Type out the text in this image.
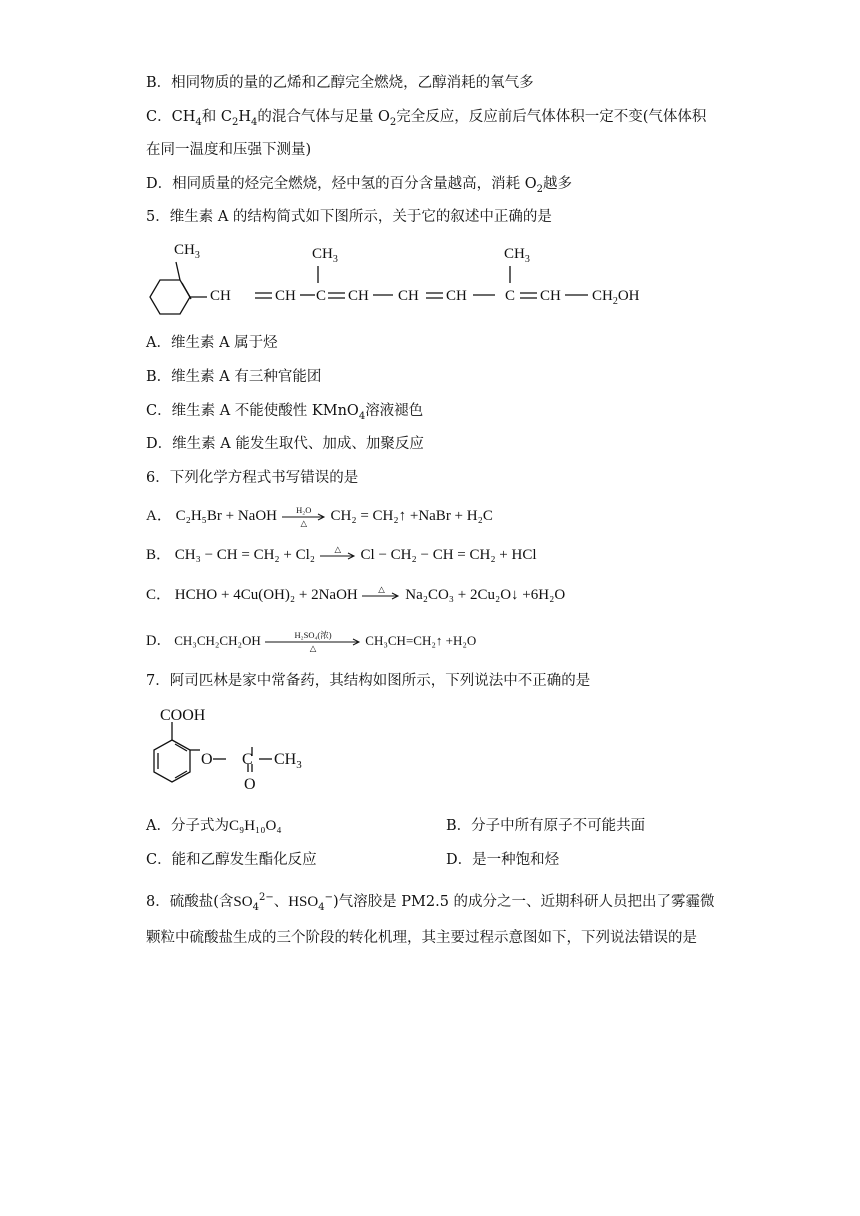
B．相同物质的量的乙烯和乙醇完全燃烧，乙醇消耗的氧气多
C．$CH_4$和 $C_2H_4$的混合气体与足量 $O_2$完全反应，反应前后气体体积一定不变(气体体积
在同一温度和压强下测量)
D．相同质量的烃完全燃烧，烃中氢的百分含量越高，消耗 $O_2$越多
5．维生素 A 的结构简式如下图所示，关于它的叙述中正确的是
$CH_3$
CH	CH
$CH_3$
C CH CH CH
$CH_3$
C CH $CH_2OH$
A．维生素 A 属于烃
B．维生素 A 有三种官能团
C．维生素 A 不能使酸性 KMnO$_4$溶液褪色
D．维生素 A 能发生取代、加成、加聚反应
6．下列化学方程式书写错误的是
A． C₂H₅Br + NaOH	H₂O
△	CH₂ = CH₂↑ +NaBr + H₂C
B． CH₃ − CH = CH₂ + Cl₂	△	Cl − CH₂ − CH = CH₂ + HCl
C． HCHO + 4Cu(OH)₂ + 2NaOH	△	Na₂CO₃ + 2Cu₂O↓ +6H₂O
D． CH₃CH₂CH₂OH	H₂SO₄(浓)
△
CH₃CH=CH₂↑ +H₂O
7．阿司匹林是家中常备药，其结构如图所示，下列说法中不正确的是
COOH
O C $CH_3$
O
A．分子式为C₉H₁₀O₄	B．分子中所有原子不可能共面
C．能和乙醇发生酯化反应	D．是一种饱和烃
8．硫酸盐(含$SO_4^{2-}$、$HSO_4^-$)气溶胶是 PM2.5 的成分之一、近期科研人员把出了雾霾微
颗粒中硫酸盐生成的三个阶段的转化机理，其主要过程示意图如下，下列说法错误的是
